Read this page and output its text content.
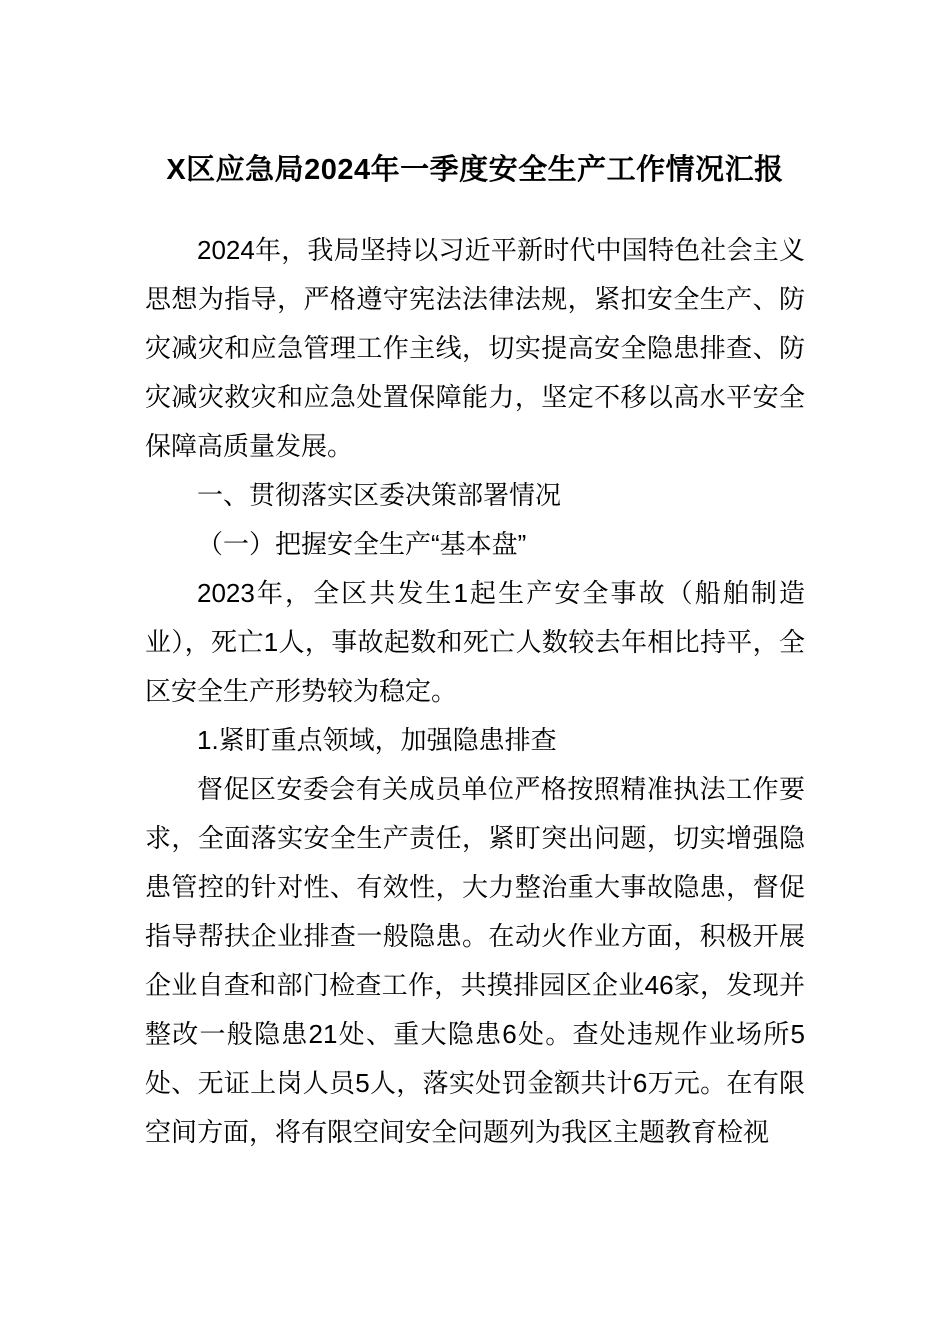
X区应急局2024年一季度安全生产工作情况汇报

2024年，我局坚持以习近平新时代中国特色社会主义思想为指导，严格遵守宪法法律法规，紧扣安全生产、防灾减灾和应急管理工作主线，切实提高安全隐患排查、防灾减灾救灾和应急处置保障能力，坚定不移以高水平安全保障高质量发展。

一、贯彻落实区委决策部署情况

（一）把握安全生产“基本盘”

2023年，全区共发生1起生产安全事故（船舶制造业），死亡1人，事故起数和死亡人数较去年相比持平，全区安全生产形势较为稳定。

1.紧盯重点领域，加强隐患排查

督促区安委会有关成员单位严格按照精准执法工作要求，全面落实安全生产责任，紧盯突出问题，切实增强隐患管控的针对性、有效性，大力整治重大事故隐患，督促指导帮扶企业排查一般隐患。在动火作业方面，积极开展企业自查和部门检查工作，共摸排园区企业46家，发现并整改一般隐患21处、重大隐患6处。查处违规作业场所5处、无证上岗人员5人，落实处罚金额共计6万元。在有限空间方面，将有限空间安全问题列为我区主题教育检视
